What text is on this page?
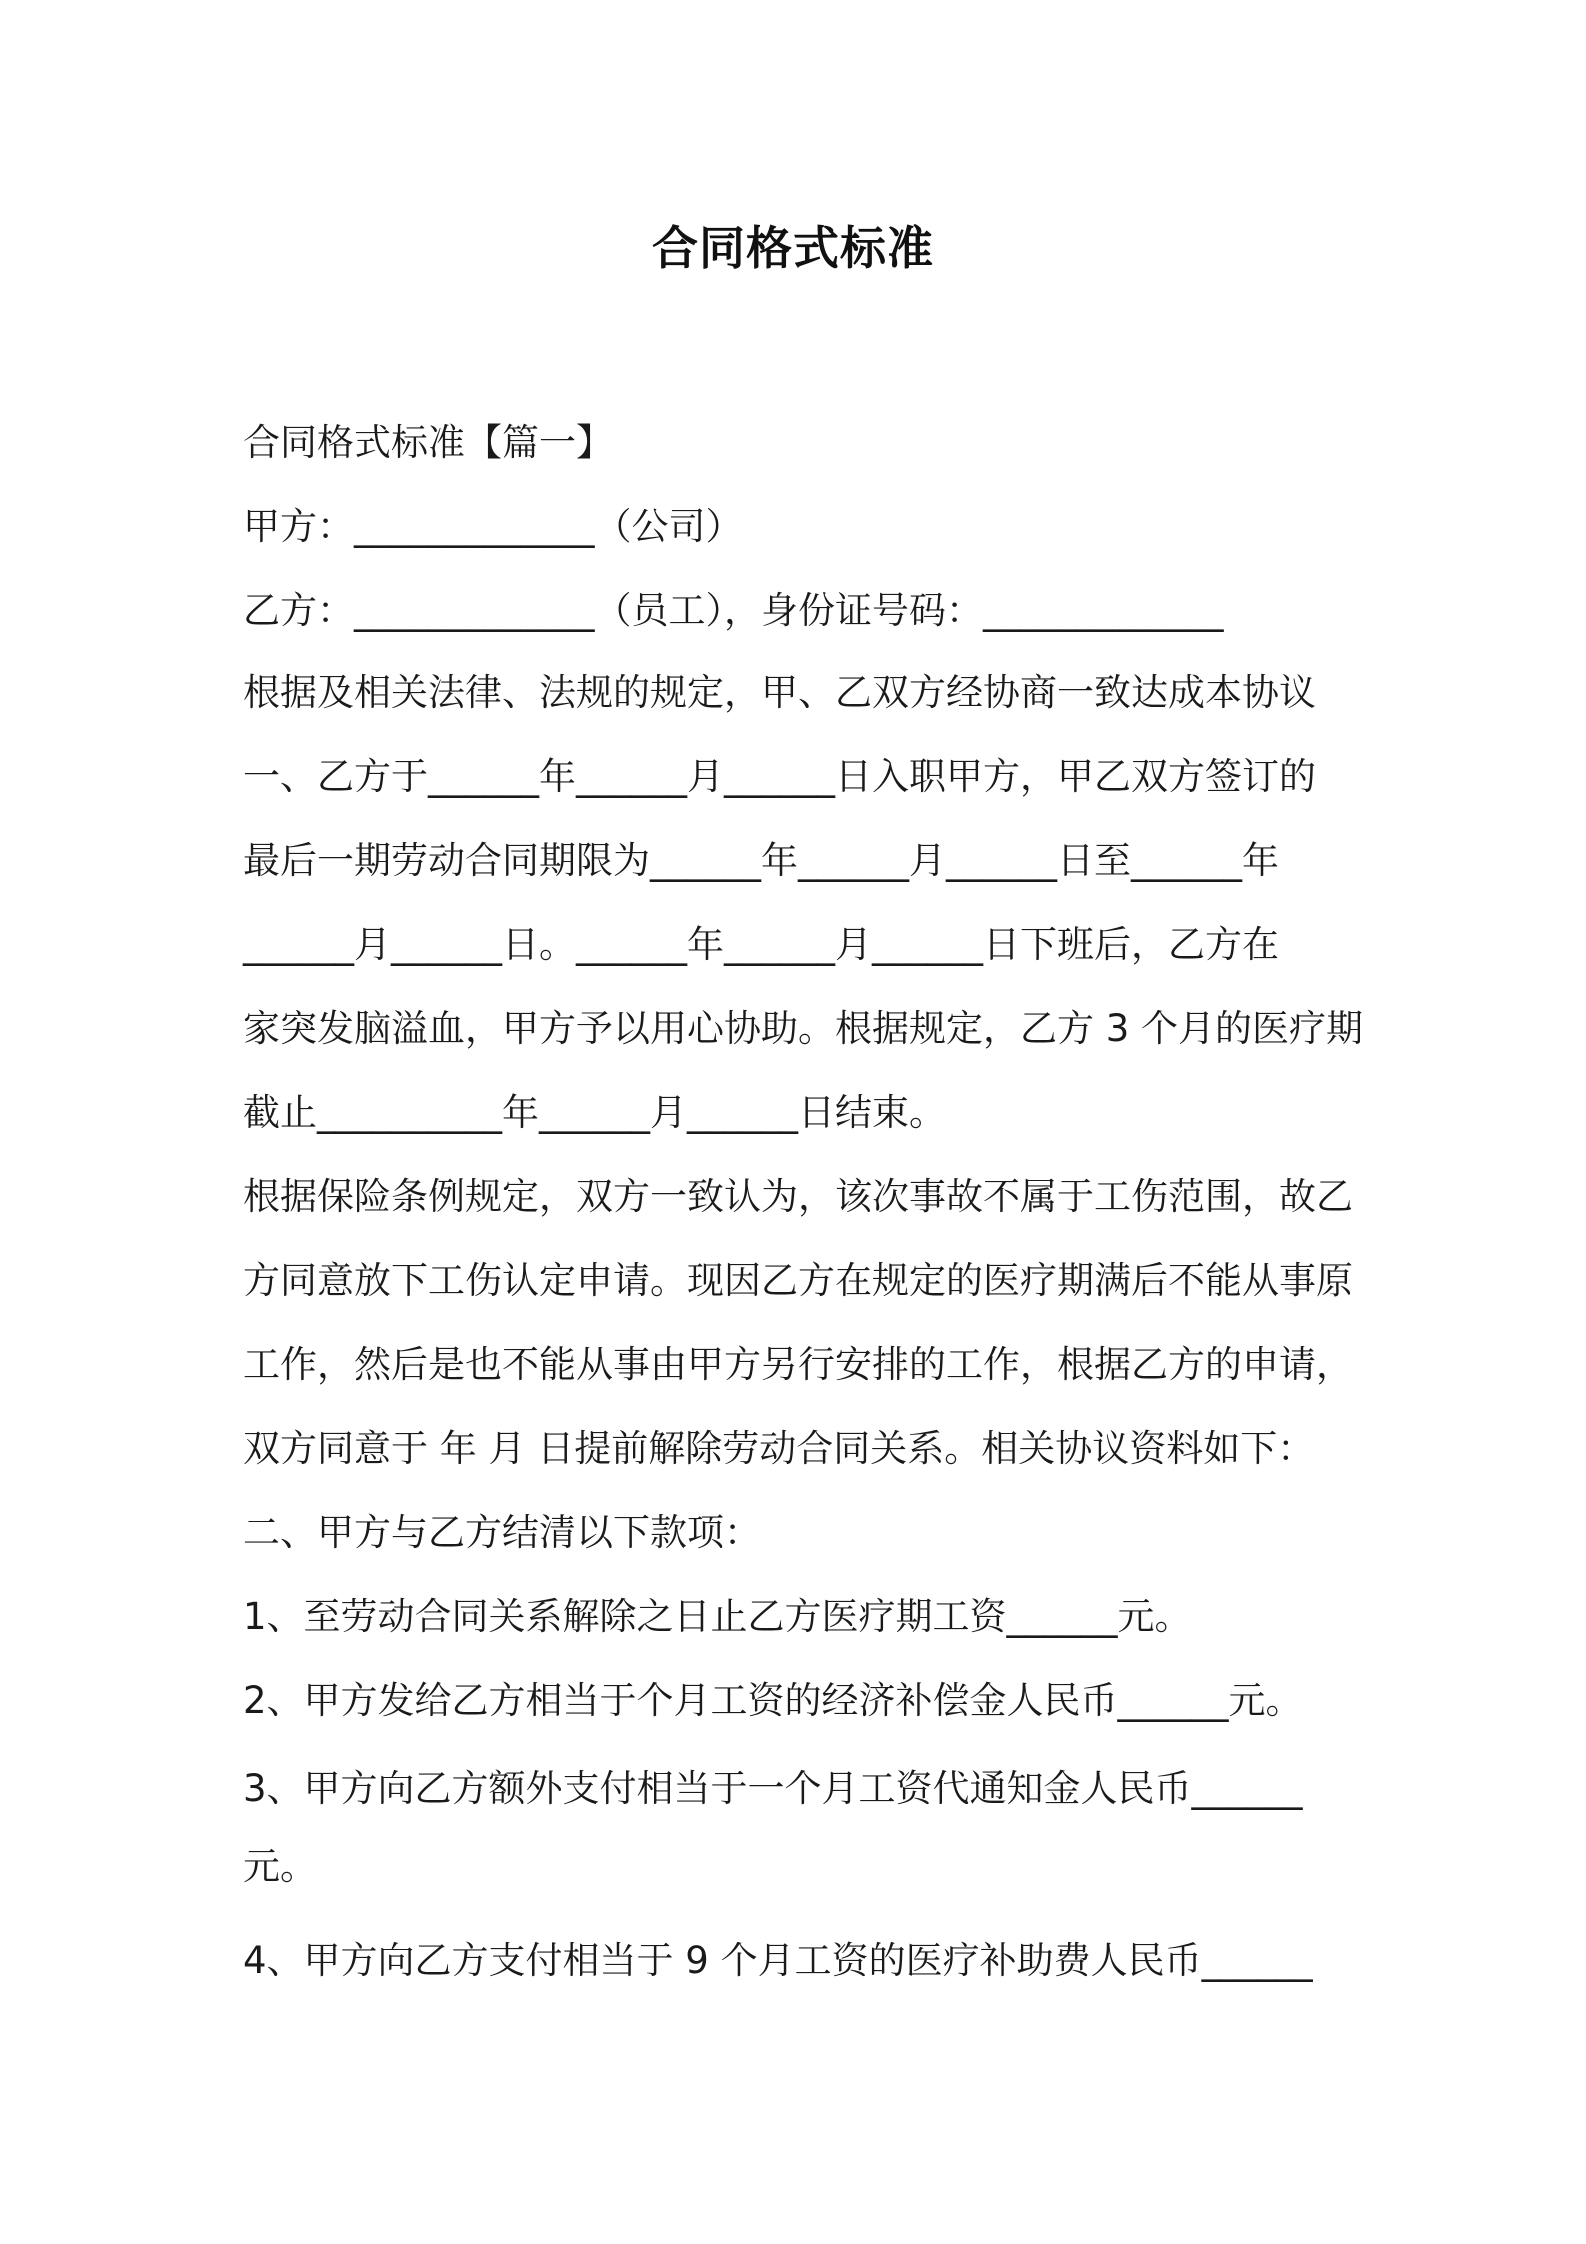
合同格式标准
合同格式标准【篇一】
甲方：_____________（公司）
乙方：_____________（员工），身份证号码：_____________
根据及相关法律、法规的规定，甲、乙双方经协商一致达成本协议
一、乙方于______年______月______日入职甲方，甲乙双方签订的
最后一期劳动合同期限为______年______月______日至______年
______月______日。______年______月______日下班后，乙方在
家突发脑溢血，甲方予以用心协助。根据规定，乙方 3 个月的医疗期
截止__________年______月______日结束。
根据保险条例规定，双方一致认为，该次事故不属于工伤范围，故乙
方同意放下工伤认定申请。现因乙方在规定的医疗期满后不能从事原
工作，然后是也不能从事由甲方另行安排的工作，根据乙方的申请，
双方同意于 年 月 日提前解除劳动合同关系。相关协议资料如下：
二、甲方与乙方结清以下款项：
1、至劳动合同关系解除之日止乙方医疗期工资______元。
2、甲方发给乙方相当于个月工资的经济补偿金人民币______元。
3、甲方向乙方额外支付相当于一个月工资代通知金人民币______
元。
4、甲方向乙方支付相当于 9 个月工资的医疗补助费人民币______
